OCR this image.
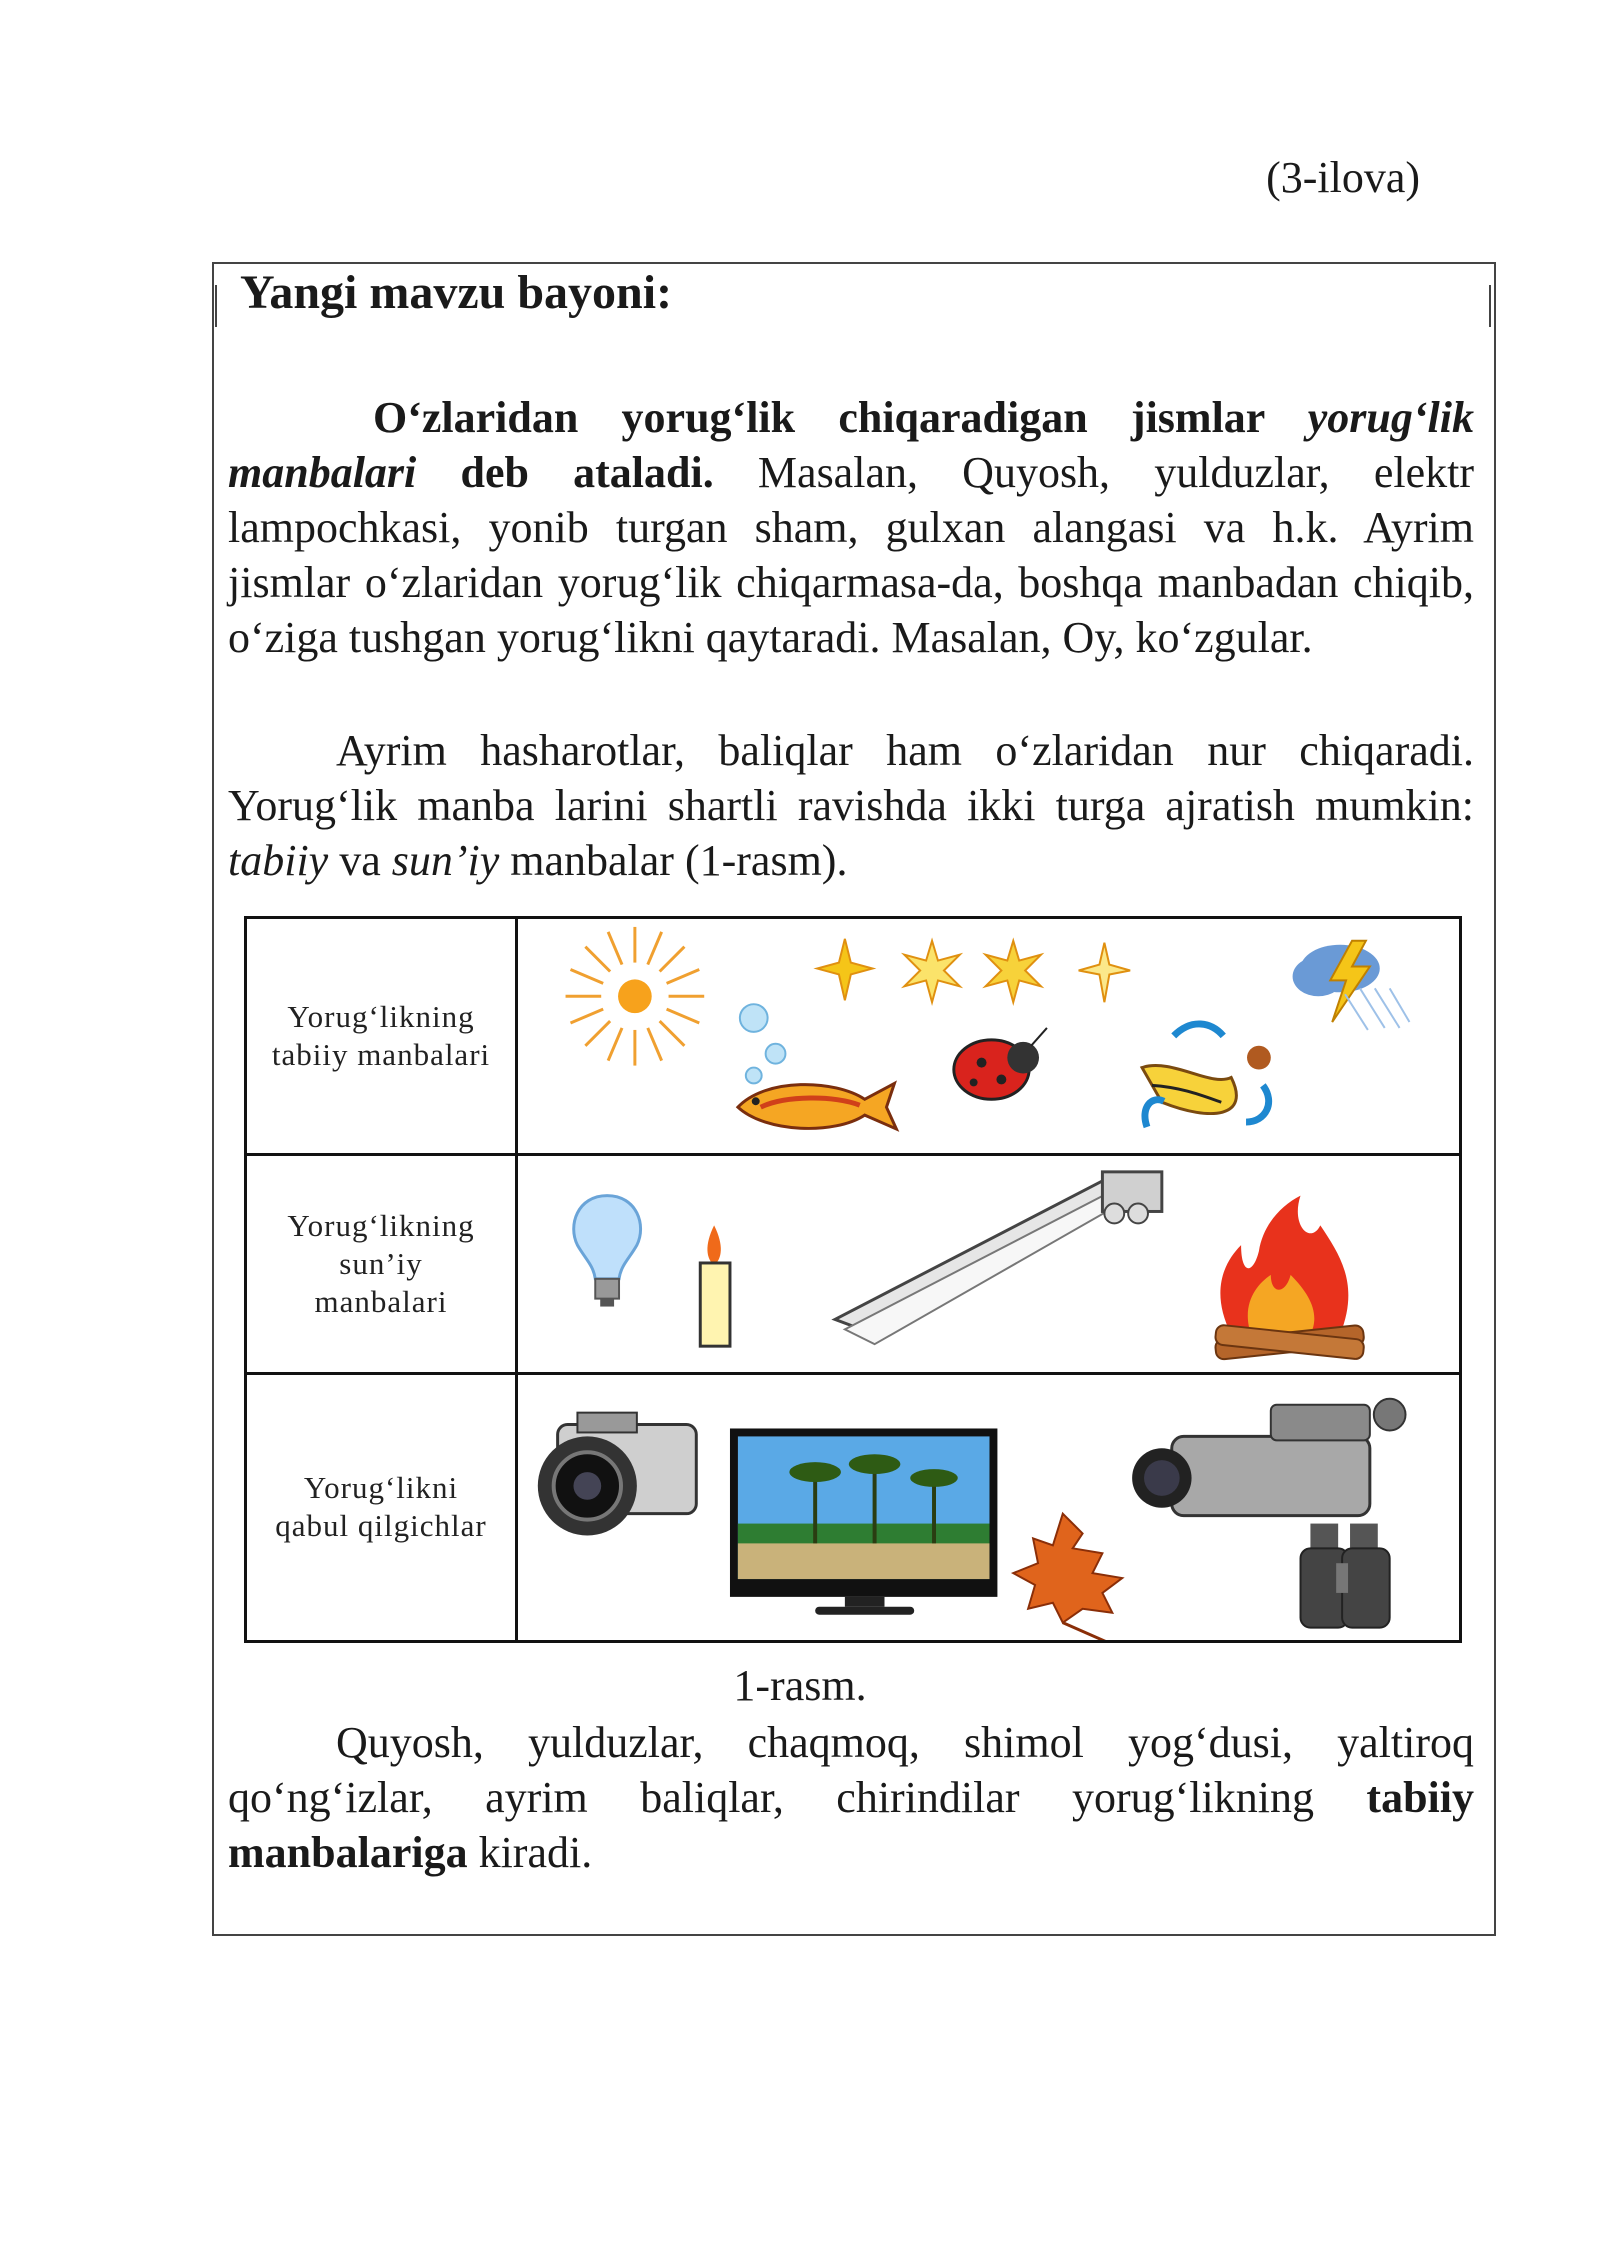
(3-ilova)
Yangi mavzu bayoni:
O‘zlaridan yorug‘lik chiqaradigan jismlar yorug‘lik manbalari deb ataladi. Masalan, Quyosh, yulduzlar, elektr lampochkasi, yonib turgan sham, gulxan alangasi va h.k. Ayrim jismlar o‘zlaridan yorug‘lik chiqarmasa-da, boshqa manbadan chiqib, o‘ziga tushgan yorug‘likni qaytaradi. Masalan, Oy, ko‘zgular.
Ayrim hasharotlar, baliqlar ham o‘zlaridan nur chiqaradi. Yorug‘lik manba larini shartli ravishda ikki turga ajratish mumkin: tabiiy va sun’iy manbalar (1-rasm).
Yorug‘likning
tabiiy manbalari

Yorug‘likning
sun’iy
manbalari

Yorug‘likni
qabul qilgichlar

1-rasm.
Quyosh, yulduzlar, chaqmoq, shimol yog‘dusi, yaltiroq qo‘ng‘izlar, ayrim baliqlar, chirindilar yorug‘likning tabiiy manbalariga kiradi.
